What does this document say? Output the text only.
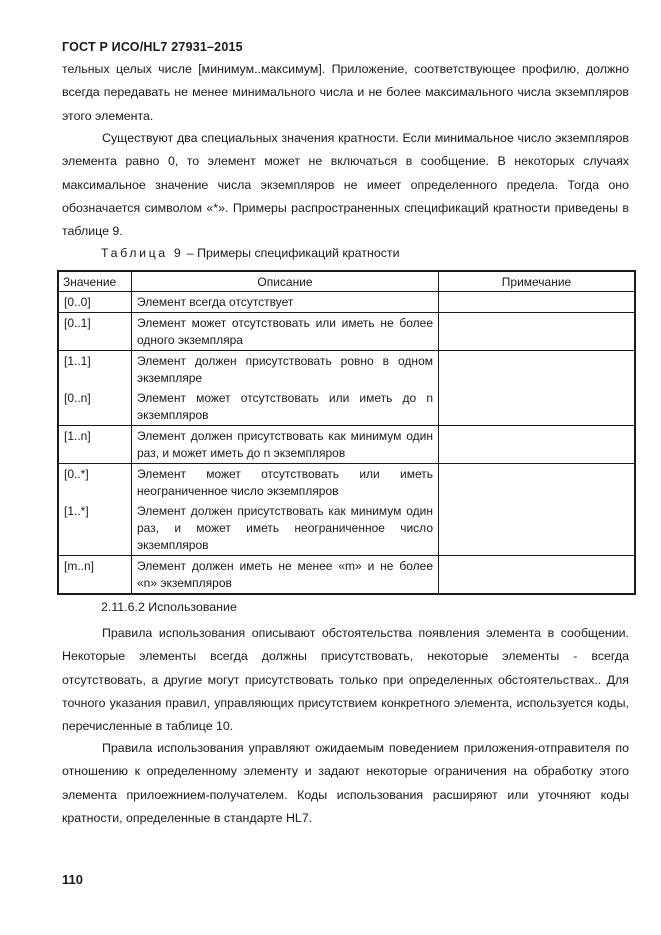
ГОСТ Р ИСО/HL7 27931–2015

тельных целых числе [минимум..максимум]. Приложение, соответствующее профилю, должно всегда передавать не менее минимального числа и не более максимального числа экземпляров этого элемента.

Существуют два специальных значения кратности. Если минимальное число экземпляров элемента равно 0, то элемент может не включаться в сообщение. В некоторых случаях максимальное значение числа экземпляров не имеет определенного предела. Тогда оно обозначается символом «*». Примеры распространенных спецификаций кратности приведены в таблице 9.

Таблица 9 – Примеры спецификаций кратности
Значение	Описание	Примечание
[0..0]	Элемент всегда отсутствует	
[0..1]	Элемент может отсутствовать или иметь не более одного экземпляра	
[1..1]	Элемент должен присутствовать ровно в одном экземпляре	
[0..n]	Элемент может отсутствовать или иметь до n экземпляров	
[1..n]	Элемент должен присутствовать как минимум один раз, и может иметь до n экземпляров	
[0..*]	Элемент может отсутствовать или иметь неограниченное число экземпляров	
[1..*]	Элемент должен присутствовать как минимум один раз, и может иметь неограниченное число экземпляров	
[m..n]	Элемент должен иметь не менее «m» и не более «n» экземпляров	
2.11.6.2 Использование

Правила использования описывают обстоятельства появления элемента в сообщении. Некоторые элементы всегда должны присутствовать, некоторые элементы - всегда отсутствовать, а другие могут присутствовать только при определенных обстоятельствах.. Для точного указания правил, управляющих присутствием конкретного элемента, используется коды, перечисленные в таблице 10.

Правила использования управляют ожидаемым поведением приложения-отправителя по отношению к определенному элементу и задают некоторые ограничения на обработку этого элемента прилоежнием-получателем. Коды использования расширяют или уточняют коды кратности, определенные в стандарте HL7.

110
